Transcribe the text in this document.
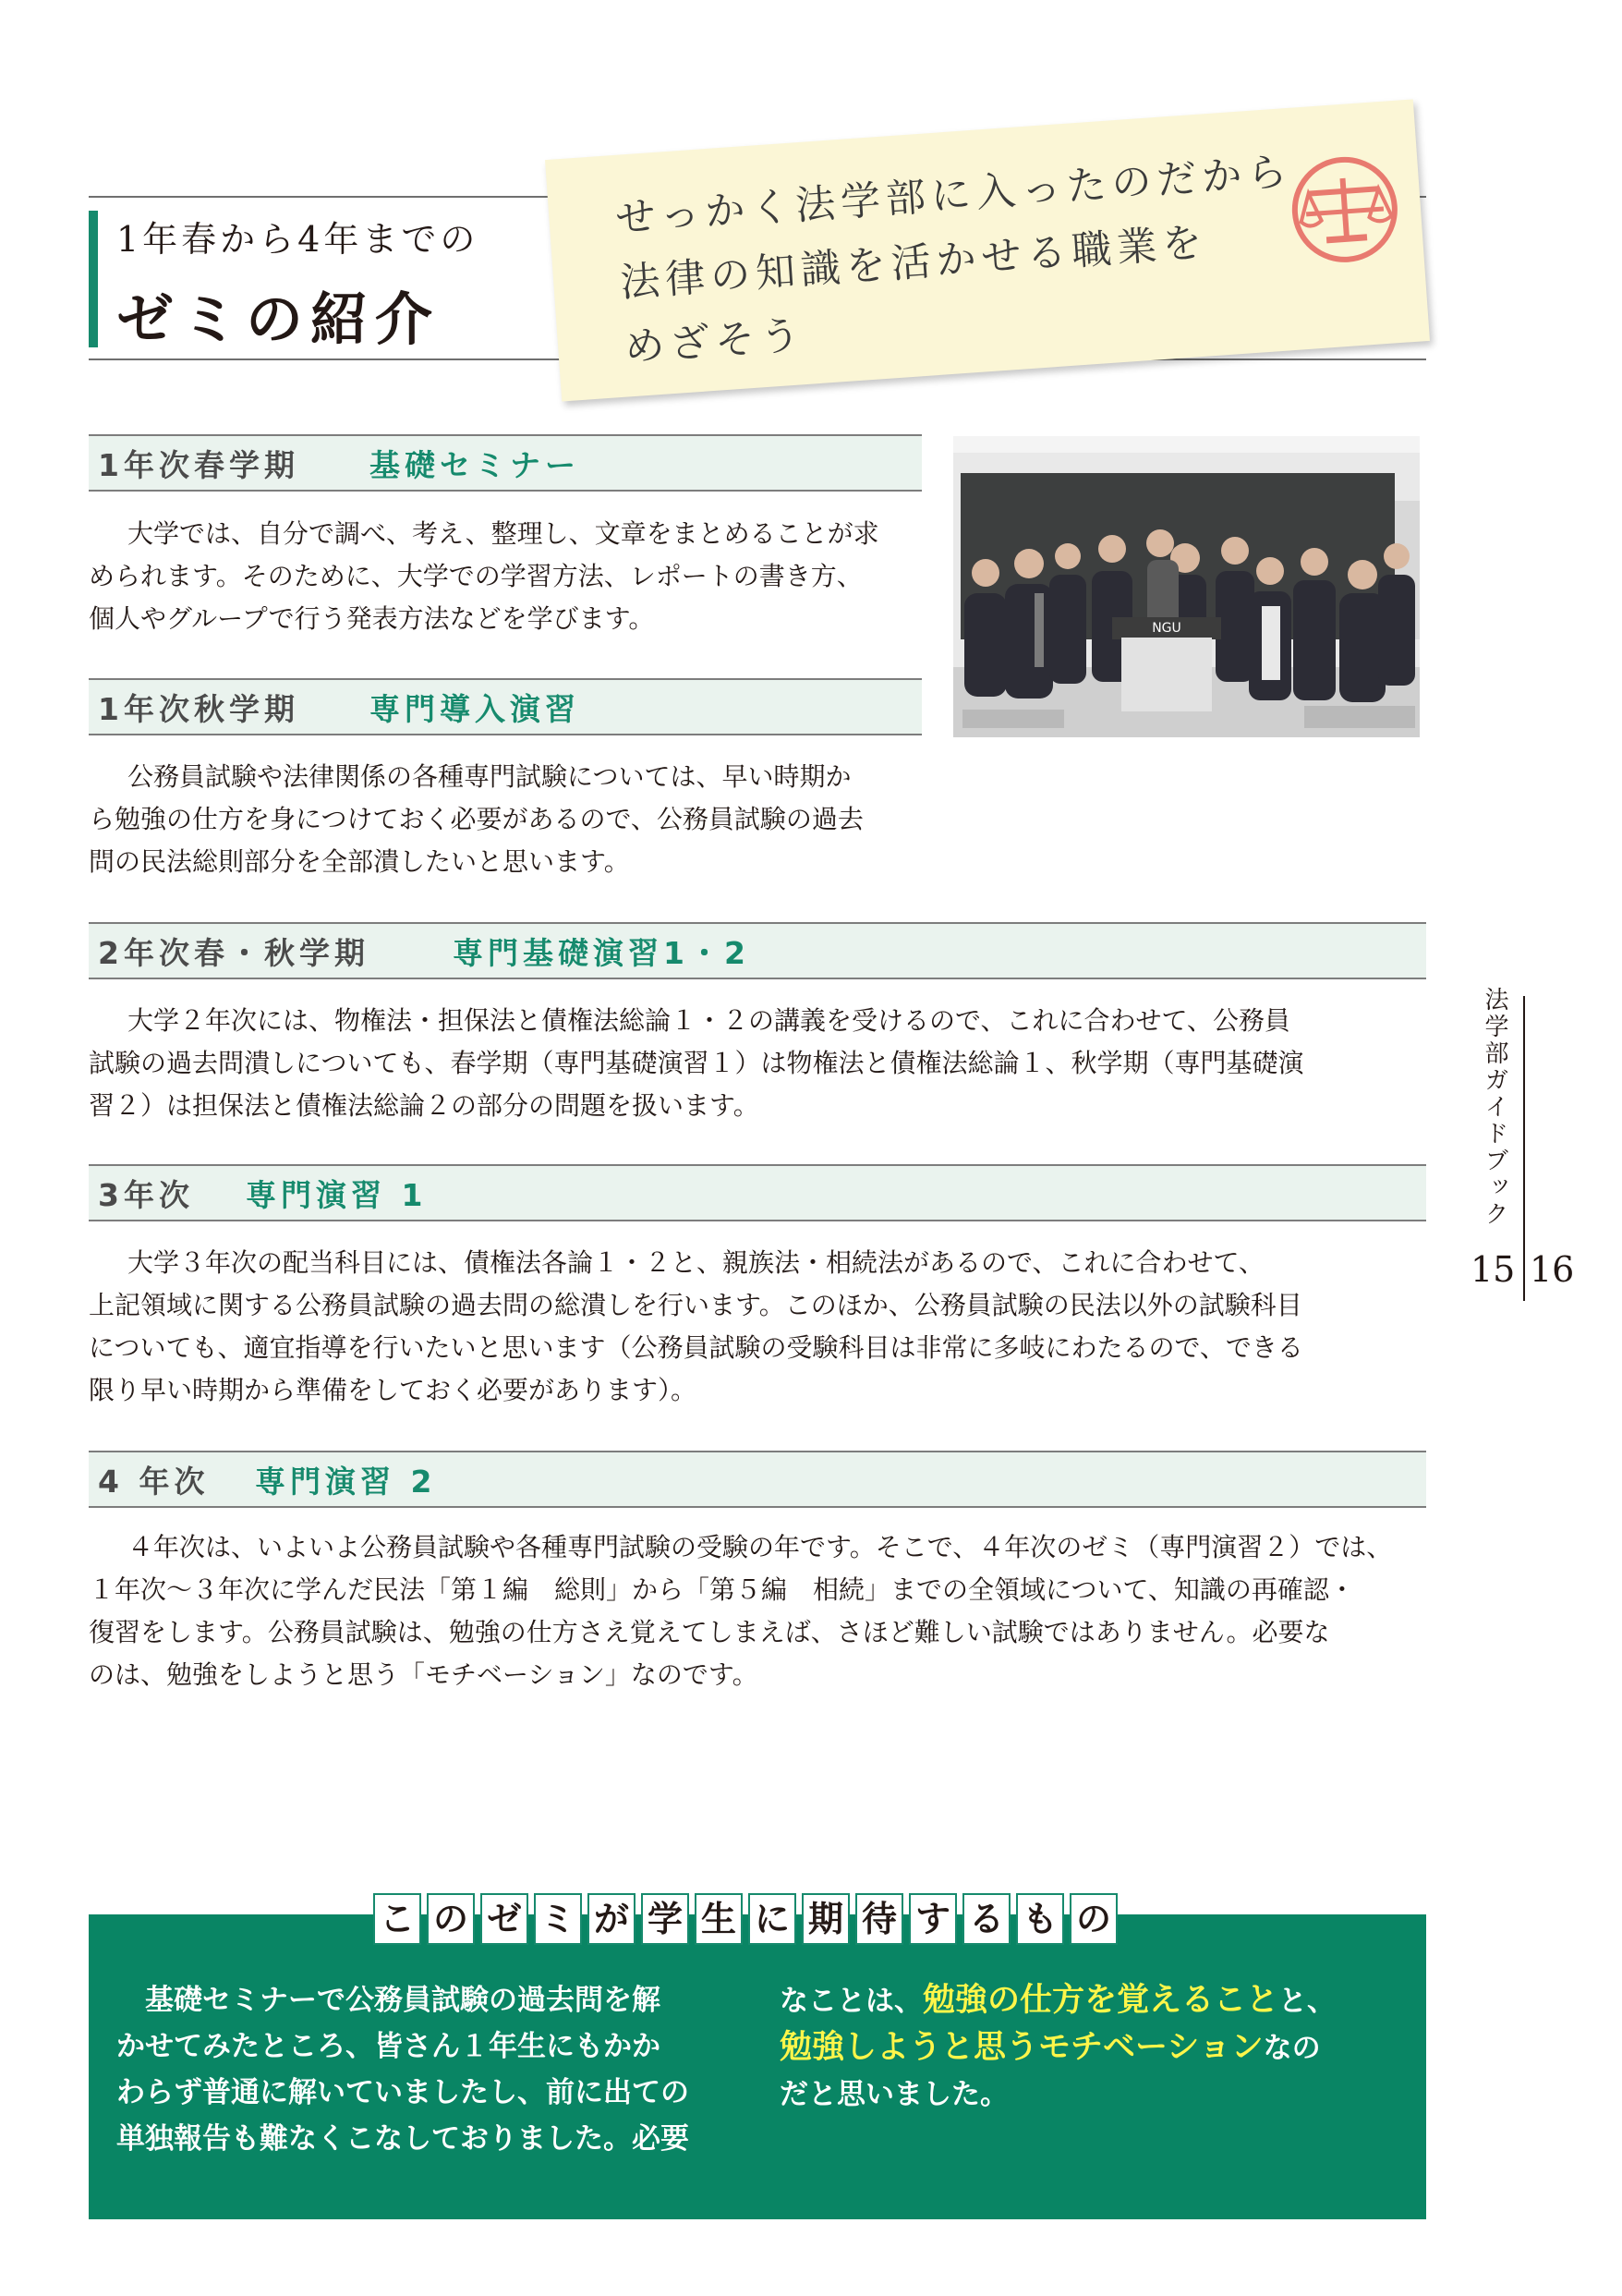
1年春から4年までの
ゼミの紹介
せっかく法学部に入ったのだから
法律の知識を活かせる職業を
めざそう
1年次春学期 基礎セミナー

大学では、自分で調べ、考え、整理し、文章をまとめることが求

められます。そのために、大学での学習方法、レポートの書き方、
個人やグループで行う発表方法などを学びます。
1年次秋学期 専門導入演習

公務員試験や法律関係の各種専門試験については、早い時期か

ら勉強の仕方を身につけておく必要があるので、公務員試験の過去
問の民法総則部分を全部潰したいと思います。
NGU
2年次春・秋学期	専門基礎演習1・2

大学２年次には、物権法・担保法と債権法総論１・２の講義を受けるので、これに合わせて、公務員

試験の過去問潰しについても、春学期（専門基礎演習１）は物権法と債権法総論１、秋学期（専門基礎演
習２）は担保法と債権法総論２の部分の問題を扱います。
3年次 専門演習 1

大学３年次の配当科目には、債権法各論１・２と、親族法・相続法があるので、これに合わせて、

上記領域に関する公務員試験の過去問の総潰しを行います。このほか、公務員試験の民法以外の試験科目
についても、適宜指導を行いたいと思います（公務員試験の受験科目は非常に多岐にわたるので、できる
限り早い時期から準備をしておく必要があります）。
4 年次 専門演習 2

４年次は、いよいよ公務員試験や各種専門試験の受験の年です。そこで、４年次のゼミ（専門演習２）では、

１年次～３年次に学んだ民法「第１編　総則」から「第５編　相続」までの全領域について、知識の再確認・
復習をします。公務員試験は、勉強の仕方さえ覚えてしまえば、さほど難しい試験ではありません。必要な
のは、勉強をしようと思う「モチベーション」なのです。
法学部ガイドブック
15 16
こ の ゼ ミ が 学 生 に 期 待 す る も の
基礎セミナーで公務員試験の過去問を解
かせてみたところ、皆さん１年生にもかか
わらず普通に解いていましたし、前に出ての
単独報告も難なくこなしておりました。必要
なことは、勉強の仕方を覚えることと、
勉強しようと思うモチベーションなの
だと思いました。
